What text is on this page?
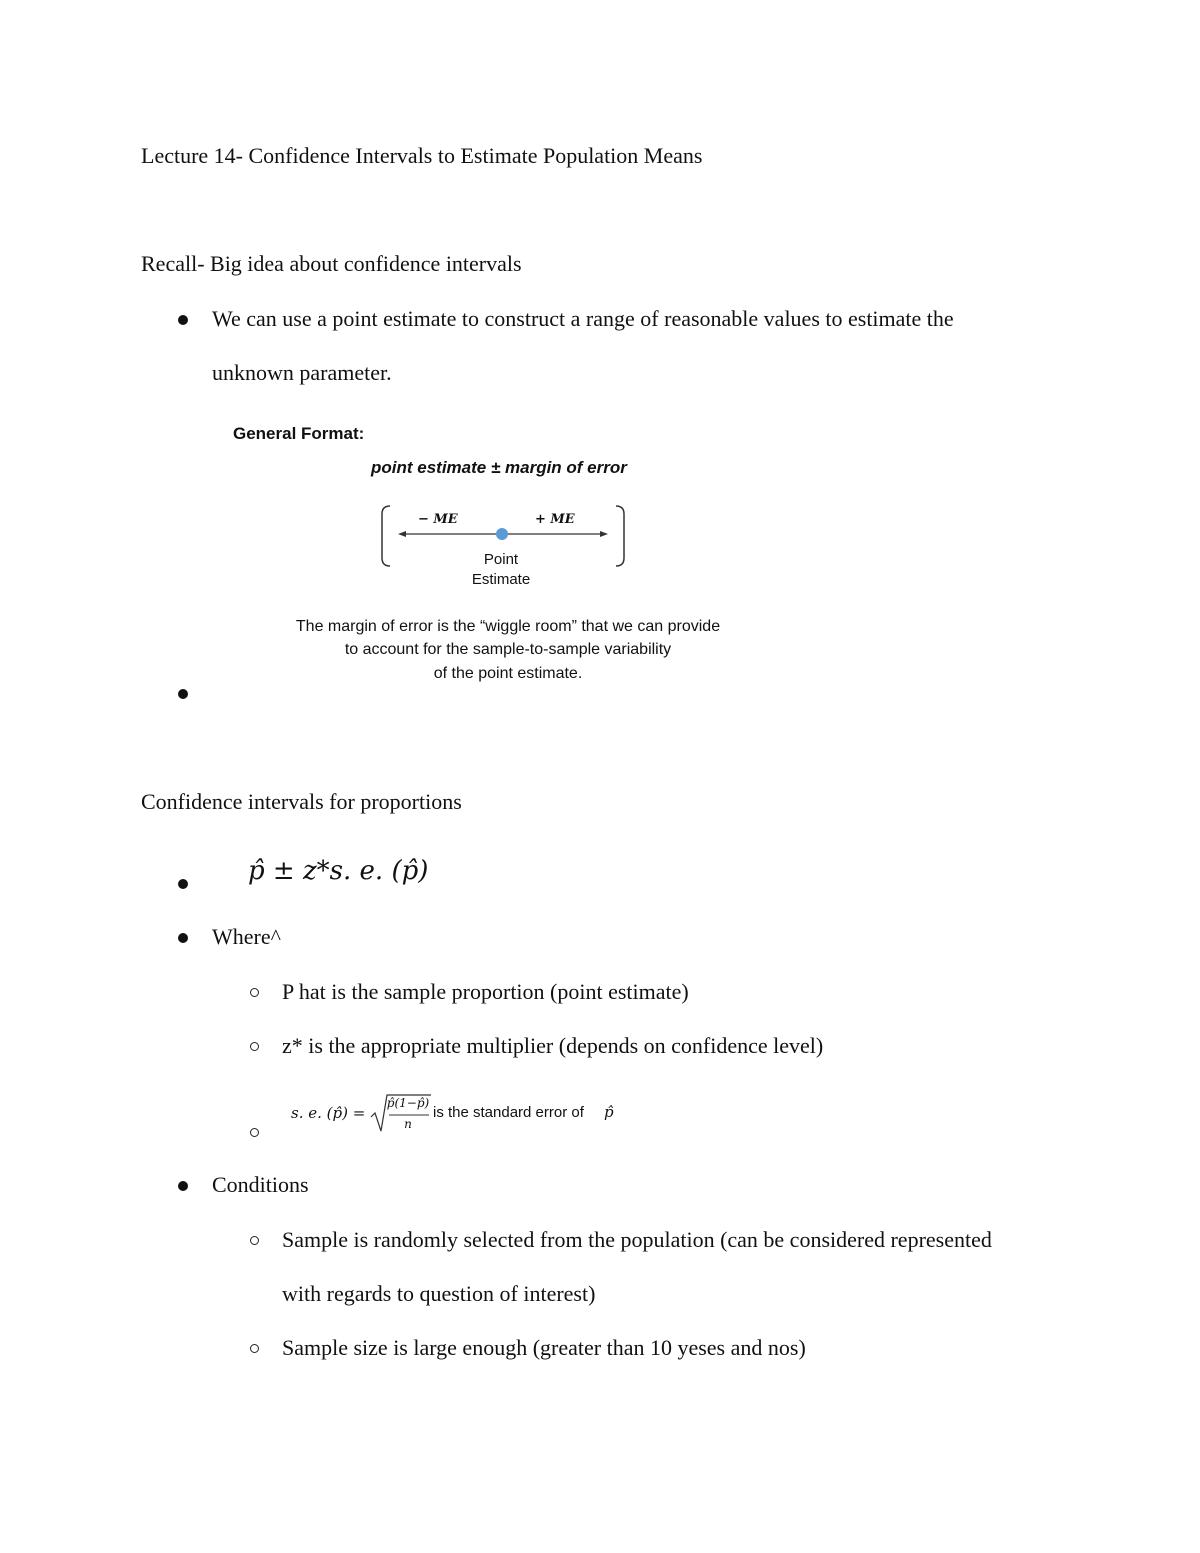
Lecture 14- Confidence Intervals to Estimate Population Means
Recall- Big idea about confidence intervals
We can use a point estimate to construct a range of reasonable values to estimate the
unknown parameter.
General Format:
point estimate ± margin of error
− ME	+ ME
Point
Estimate
The margin of error is the “wiggle room” that we can provide
to account for the sample-to-sample variability
of the point estimate.
Confidence intervals for proportions
p̂ ± z*s. e. (p̂)
Where^
P hat is the sample proportion (point estimate)
z* is the appropriate multiplier (depends on confidence level)
s. e. (p̂) =
p̂(1−p̂)
n
is the standard error of p̂
Conditions
Sample is randomly selected from the population (can be considered represented
with regards to question of interest)
Sample size is large enough (greater than 10 yeses and nos)
